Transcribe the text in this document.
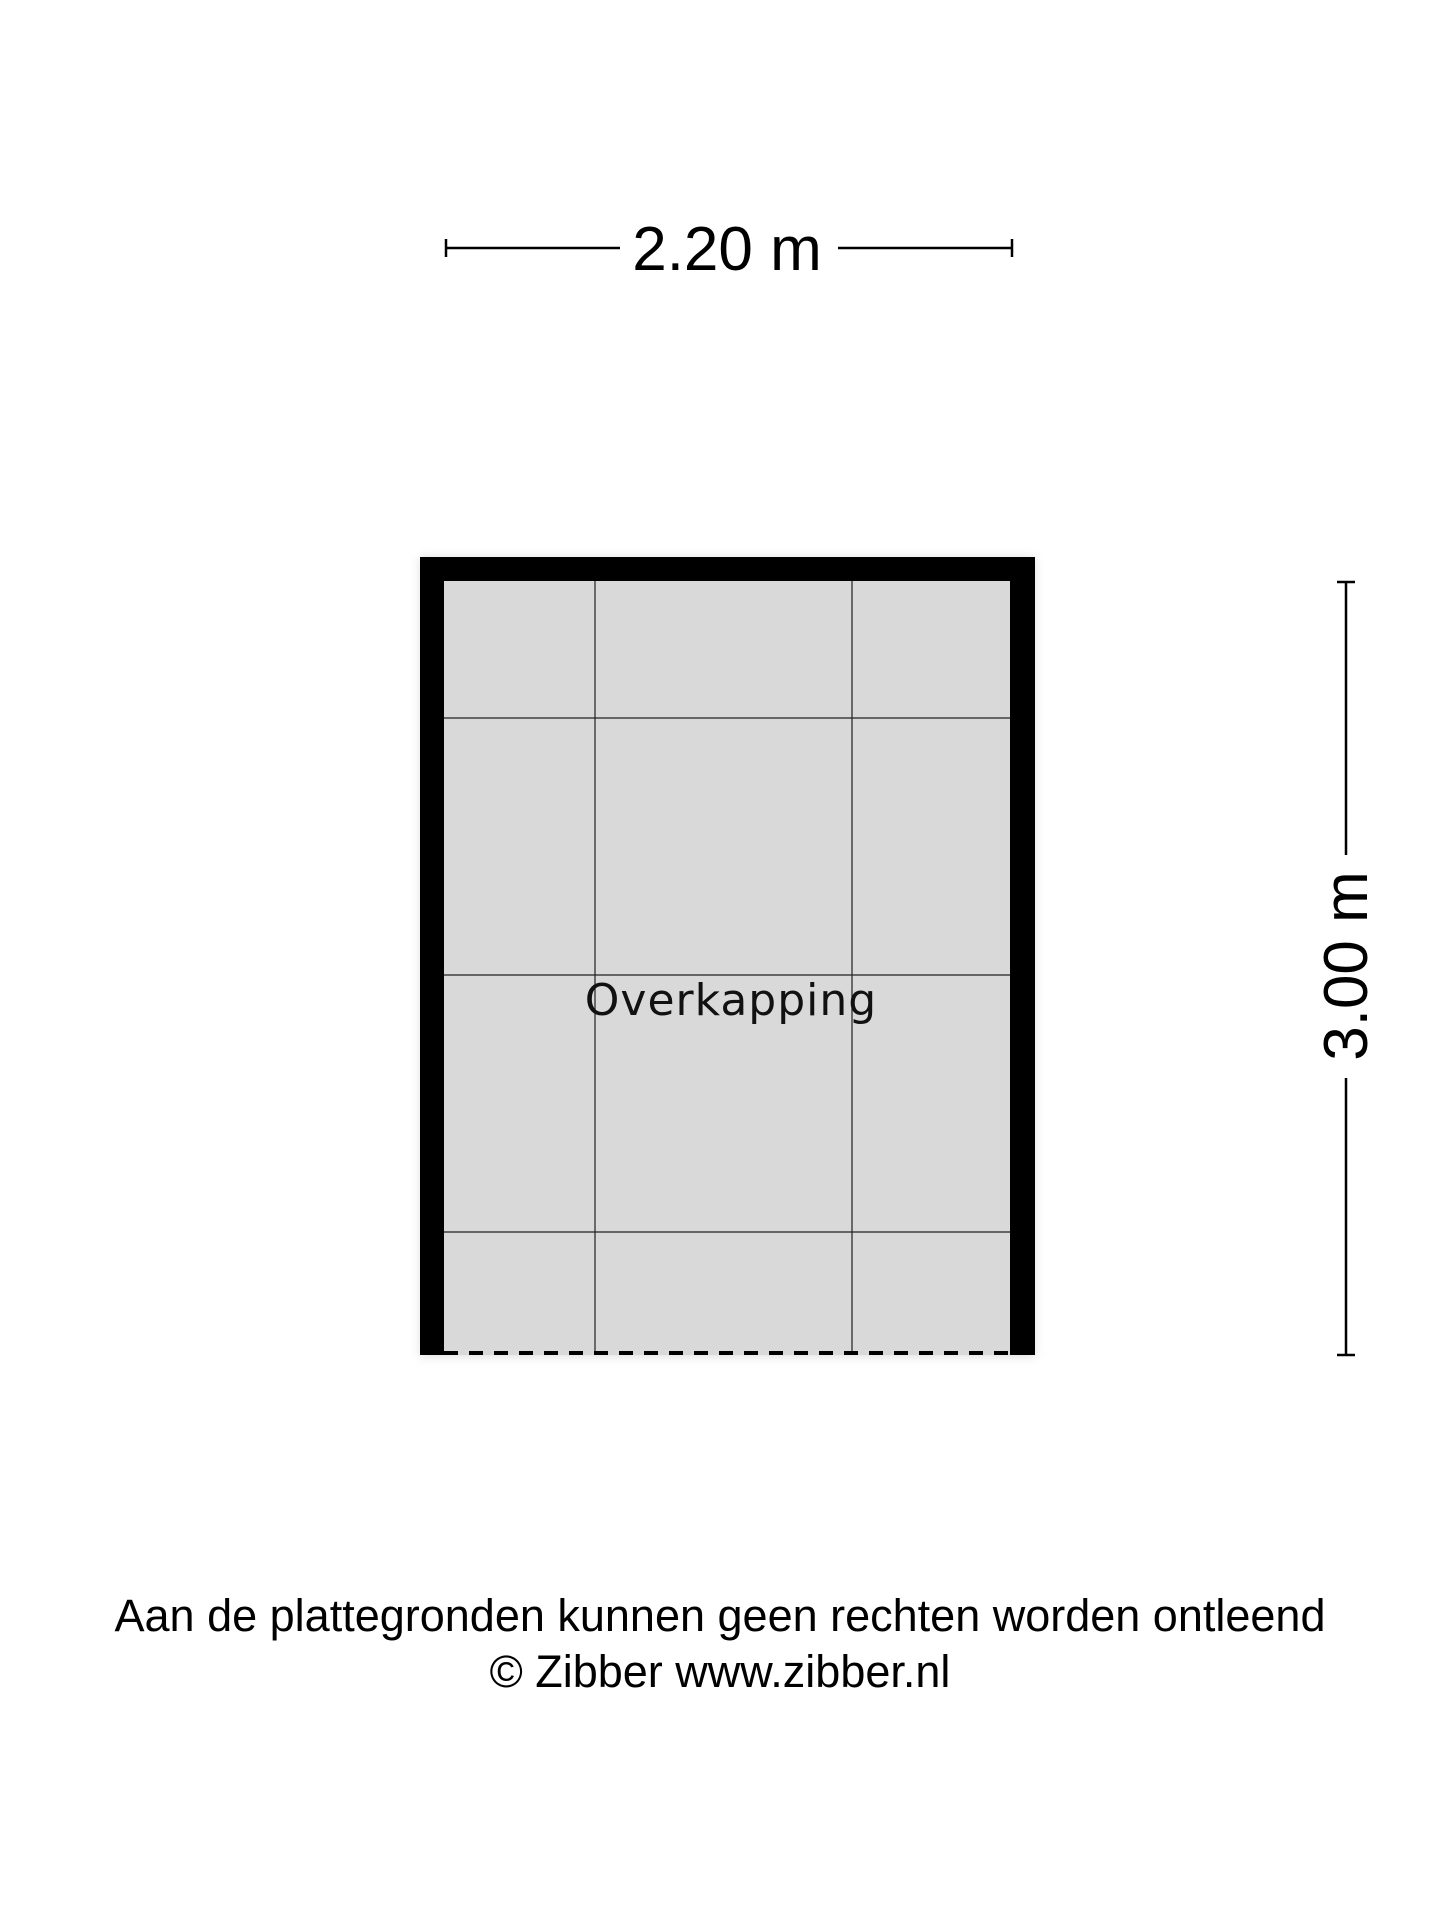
2.20 m
3.00 m
Overkapping
Aan de plattegronden kunnen geen rechten worden ontleend
© Zibber www.zibber.nl
